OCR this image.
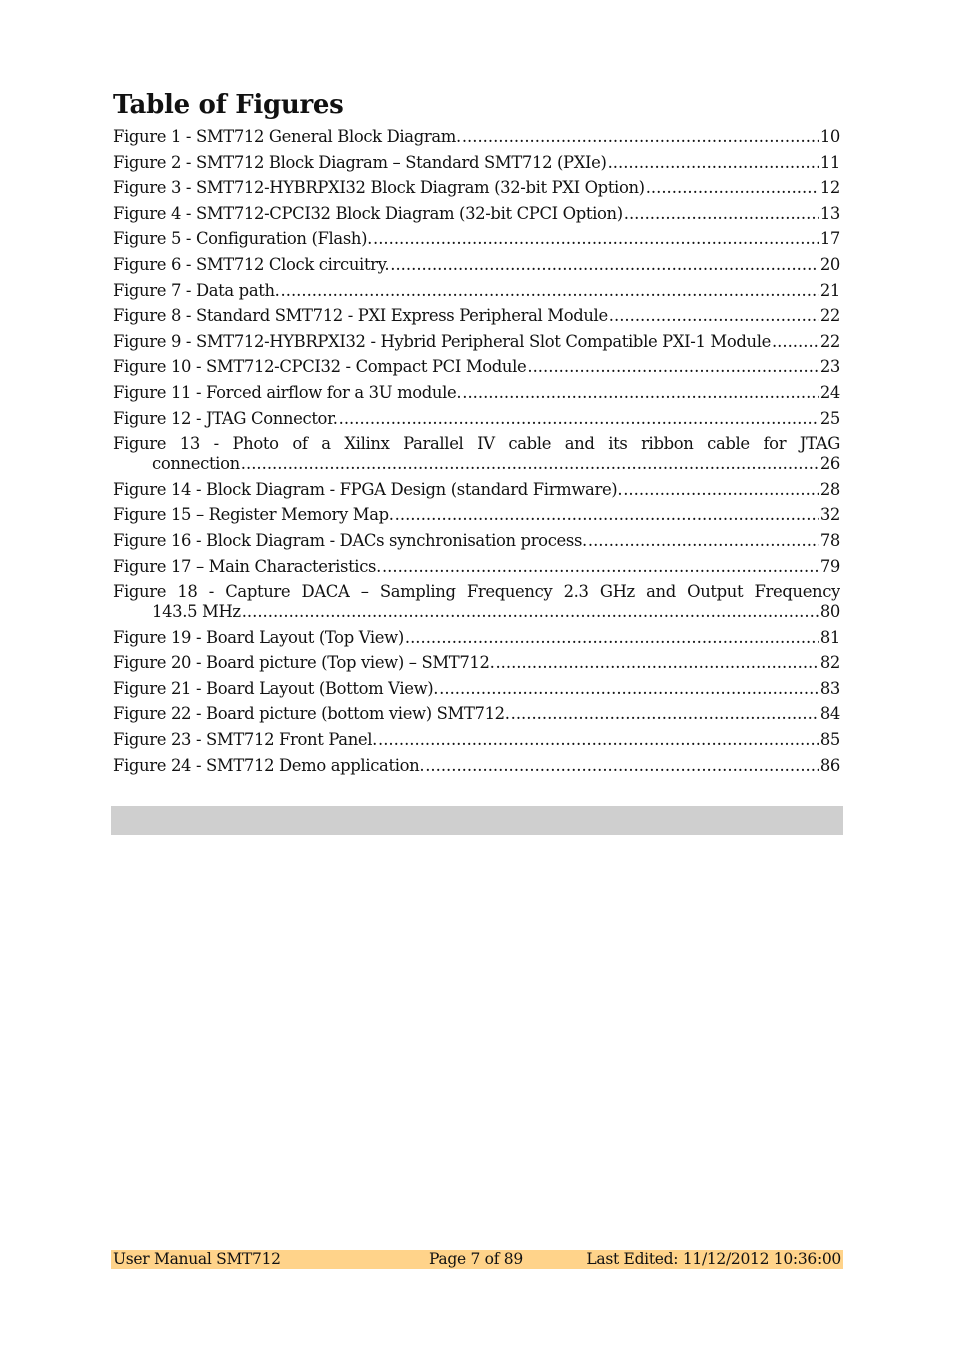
Table of Figures
Figure 1 - SMT712 General Block Diagram. .....	10
Figure 2 - SMT712 Block Diagram – Standard SMT712 (PXIe) .....	11
Figure 3 - SMT712-HYBRPXI32 Block Diagram (32-bit PXI Option) .....	12
Figure 4 - SMT712-CPCI32 Block Diagram (32-bit CPCI Option) .....	13
Figure 5 - Configuration (Flash). .....	17
Figure 6 - SMT712 Clock circuitry. .....	20
Figure 7 - Data path. .....	21
Figure 8 - Standard SMT712 - PXI Express Peripheral Module .....	22
Figure 9 - SMT712-HYBRPXI32 - Hybrid Peripheral Slot Compatible PXI-1 Module .....	22
Figure 10 - SMT712-CPCI32 - Compact PCI Module .....	23
Figure 11 - Forced airflow for a 3U module. .....	24
Figure 12 - JTAG Connector. .....	25
Figure 13 - Photo of a Xilinx Parallel IV cable and its ribbon cable for JTAG
connection .....	26
Figure 14 - Block Diagram - FPGA Design (standard Firmware). .....	28
Figure 15 – Register Memory Map. .....	32
Figure 16 - Block Diagram - DACs synchronisation process. .....	78
Figure 17 – Main Characteristics. .....	79
Figure 18 - Capture DACA – Sampling Frequency 2.3 GHz and Output Frequency
143.5 MHz .....	80
Figure 19 - Board Layout (Top View) .....	81
Figure 20 - Board picture (Top view) – SMT712. .....	82
Figure 21 - Board Layout (Bottom View). .....	83
Figure 22 - Board picture (bottom view) SMT712. .....	84
Figure 23 - SMT712 Front Panel. .....	85
Figure 24 - SMT712 Demo application. .....	86
User Manual SMT712	Page 7 of 89	Last Edited: 11/12/2012 10:36:00
